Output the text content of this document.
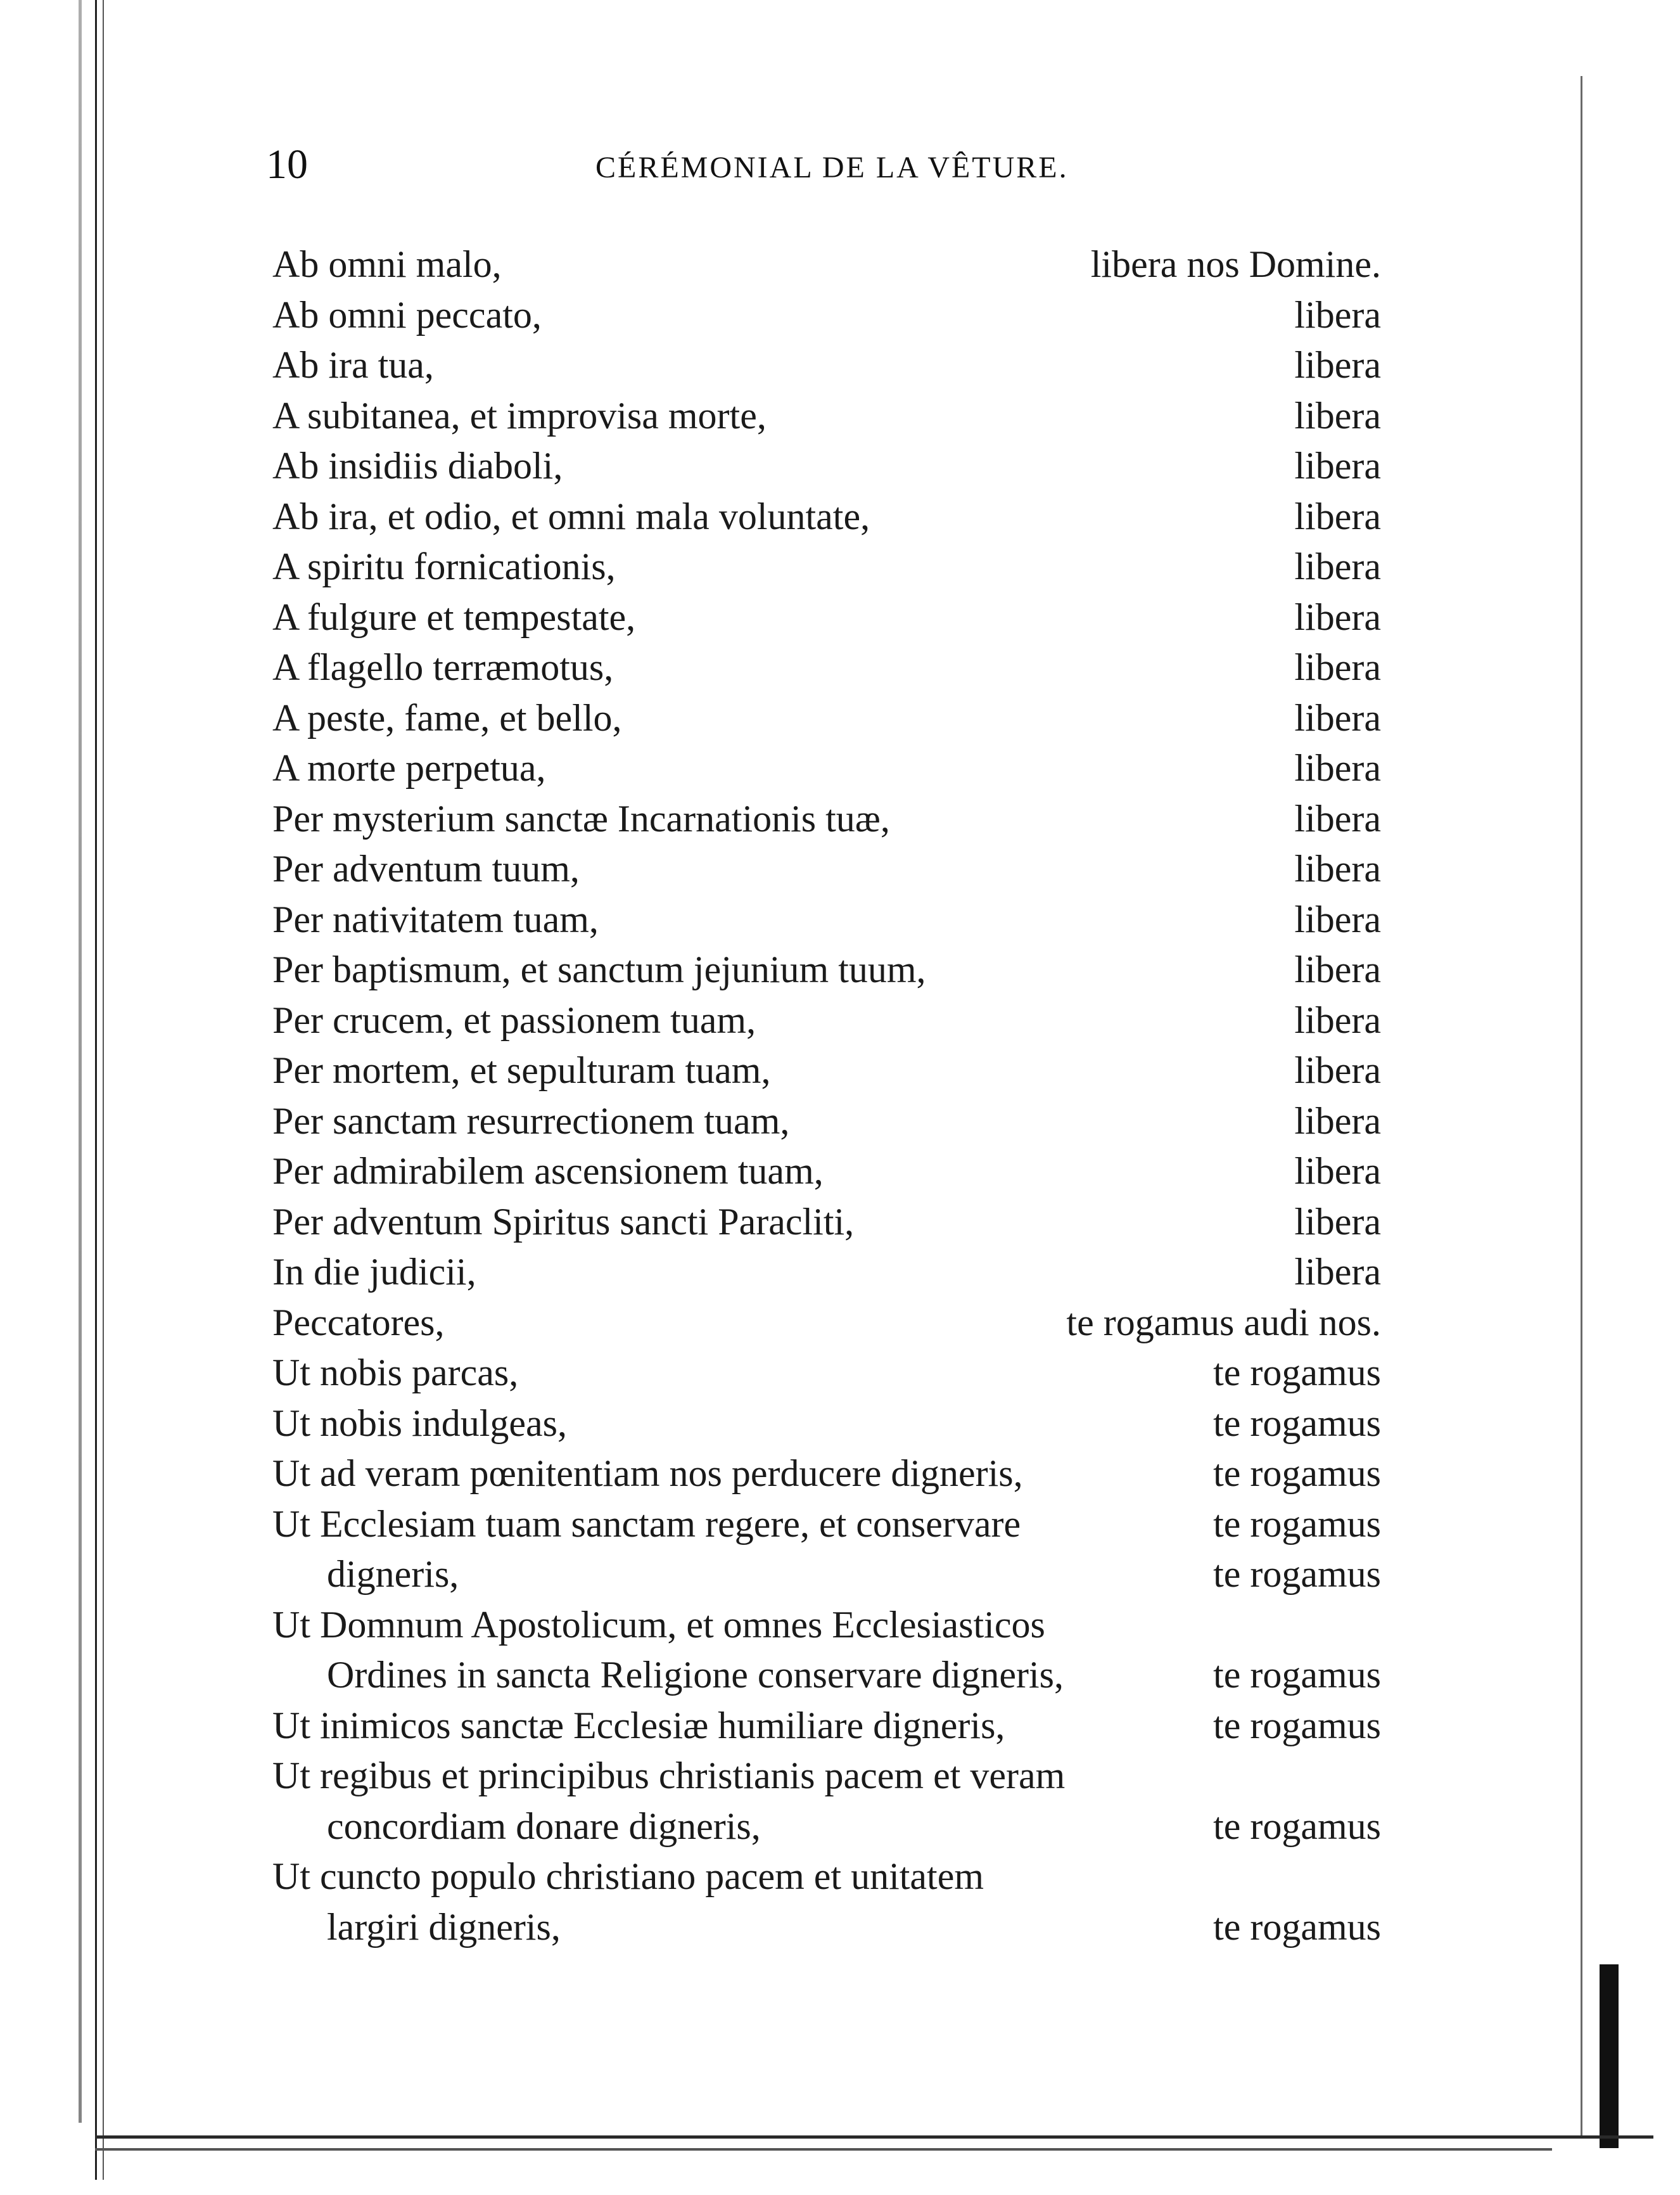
10	CÉRÉMONIAL DE LA VÊTURE.
Ab omni malo,	libera nos Domine.
Ab omni peccato,	libera
Ab ira tua,	libera
A subitanea, et improvisa morte,	libera
Ab insidiis diaboli,	libera
Ab ira, et odio, et omni mala voluntate,	libera
A spiritu fornicationis,	libera
A fulgure et tempestate,	libera
A flagello terræmotus,	libera
A peste, fame, et bello,	libera
A morte perpetua,	libera
Per mysterium sanctæ Incarnationis tuæ,	libera
Per adventum tuum,	libera
Per nativitatem tuam,	libera
Per baptismum, et sanctum jejunium tuum,	libera
Per crucem, et passionem tuam,	libera
Per mortem, et sepulturam tuam,	libera
Per sanctam resurrectionem tuam,	libera
Per admirabilem ascensionem tuam,	libera
Per adventum Spiritus sancti Paracliti,	libera
In die judicii,	libera
Peccatores,	te rogamus audi nos.
Ut nobis parcas,	te rogamus
Ut nobis indulgeas,	te rogamus
Ut ad veram pœnitentiam nos perducere digneris,	te rogamus
Ut Ecclesiam tuam sanctam regere, et conservare	te rogamus
digneris,	te rogamus
Ut Domnum Apostolicum, et omnes Ecclesiasticos
Ordines in sancta Religione conservare digneris,	te rogamus
Ut inimicos sanctæ Ecclesiæ humiliare digneris,	te rogamus
Ut regibus et principibus christianis pacem et veram
concordiam donare digneris,	te rogamus
Ut cuncto populo christiano pacem et unitatem
largiri digneris,	te rogamus
